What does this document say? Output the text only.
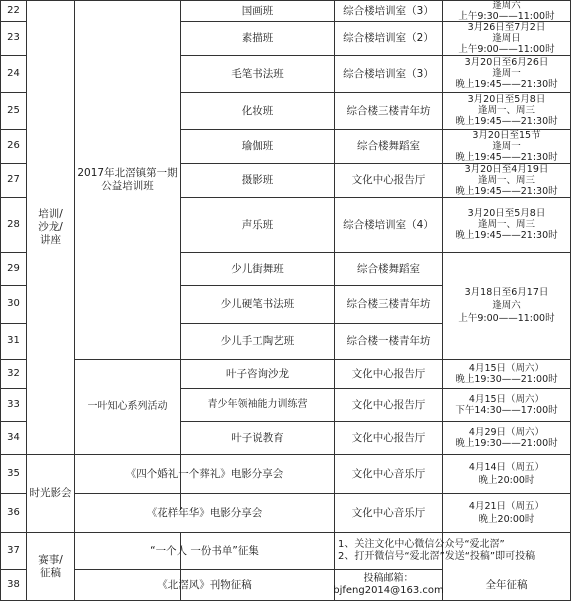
22
23
24
25
26
27
28
29
30
31
32
33
34
35
36
37
38
培训/
沙龙/
讲座
时光影会
赛事/
征稿
2017年北滘镇第一期
公益培训班
一叶知心系列活动
国画班
素描班
毛笔书法班
化妆班
瑜伽班
摄影班
声乐班
少儿街舞班
少儿硬笔书法班
少儿手工陶艺班
叶子咨询沙龙
青少年领袖能力训练营
叶子说教育
《四个婚礼一个葬礼》电影分享会
《花样年华》电影分享会
“一个人 一份书单”征集
《北滘风》刊物征稿
综合楼培训室（3）
综合楼培训室（2）
综合楼培训室（3）
综合楼三楼青年坊
综合楼舞蹈室
文化中心报告厅
综合楼培训室（4）
综合楼舞蹈室
综合楼三楼青年坊
综合楼一楼青年坊
文化中心报告厅
文化中心报告厅
文化中心报告厅
文化中心音乐厅
文化中心音乐厅
1、关注文化中心微信公众号“爱北滘”
2、打开微信号“爱北滘”发送“投稿”即可投稿
投稿邮箱：
bjfeng2014@163.com
逢周六
上午9:30——11:00时
3月26日至7月2日
逢周日
上午9:00——11:00时
3月20日至6月26日
逢周一
晚上19:45——21:30时
3月20日至5月8日
逢周一、周三
晚上19:45——21:30时
3月20日至15节
逢周一
晚上19:45——21:30时
3月20日至4月19日
逢周一、周三
晚上19:45——21:30时
3月20日至5月8日
逢周一、周三
晚上19:45——21:30时
3月18日至6月17日
逢周六
上午9:00——11:00时
4月15日（周六）
晚上19:30——21:00时
4月15日（周六）
下午14:30——17:00时
4月29日（周六）
晚上19:30——21:00时
4月14日（周五）
晚上20:00时
4月21日（周五）
晚上20:00时
全年征稿
